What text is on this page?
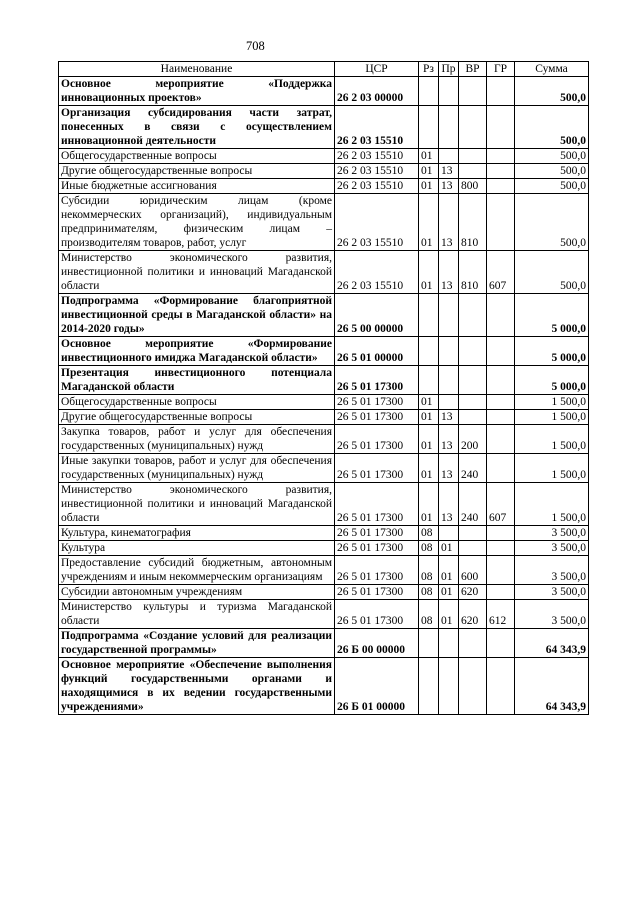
708
Наименование	ЦСР	Рз	Пр	ВР	ГР	Сумма
Основное мероприятие «Поддержка инновационных проектов»	26 2 03 00000					500,0
Организация субсидирования части затрат, понесенных в связи с осуществлением инновационной деятельности	26 2 03 15510					500,0
Общегосударственные вопросы	26 2 03 15510	01				500,0
Другие общегосударственные вопросы	26 2 03 15510	01	13			500,0
Иные бюджетные ассигнования	26 2 03 15510	01	13	800		500,0
Субсидии юридическим лицам (кроме некоммерческих организаций), индивидуальным предпринимателям, физическим лицам – производителям товаров, работ, услуг	26 2 03 15510	01	13	810		500,0
Министерство экономического развития, инвестиционной политики и инноваций Магаданской области	26 2 03 15510	01	13	810	607	500,0
Подпрограмма «Формирование благоприятной инвестиционной среды в Магаданской области» на 2014-2020 годы»	26 5 00 00000					5 000,0
Основное мероприятие «Формирование инвестиционного имиджа Магаданской области»	26 5 01 00000					5 000,0
Презентация инвестиционного потенциала Магаданской области	26 5 01 17300					5 000,0
Общегосударственные вопросы	26 5 01 17300	01				1 500,0
Другие общегосударственные вопросы	26 5 01 17300	01	13			1 500,0
Закупка товаров, работ и услуг для обеспечения государственных (муниципальных) нужд	26 5 01 17300	01	13	200		1 500,0
Иные закупки товаров, работ и услуг для обеспечения государственных (муниципальных) нужд	26 5 01 17300	01	13	240		1 500,0
Министерство экономического развития, инвестиционной политики и инноваций Магаданской области	26 5 01 17300	01	13	240	607	1 500,0
Культура, кинематография	26 5 01 17300	08				3 500,0
Культура	26 5 01 17300	08	01			3 500,0
Предоставление субсидий бюджетным, автономным учреждениям и иным некоммерческим организациям	26 5 01 17300	08	01	600		3 500,0
Субсидии автономным учреждениям	26 5 01 17300	08	01	620		3 500,0
Министерство культуры и туризма Магаданской области	26 5 01 17300	08	01	620	612	3 500,0
Подпрограмма «Создание условий для реализации государственной программы»	26 Б 00 00000					64 343,9
Основное мероприятие «Обеспечение выполнения функций государственными органами и находящимися в их ведении государственными учреждениями»	26 Б 01 00000					64 343,9
